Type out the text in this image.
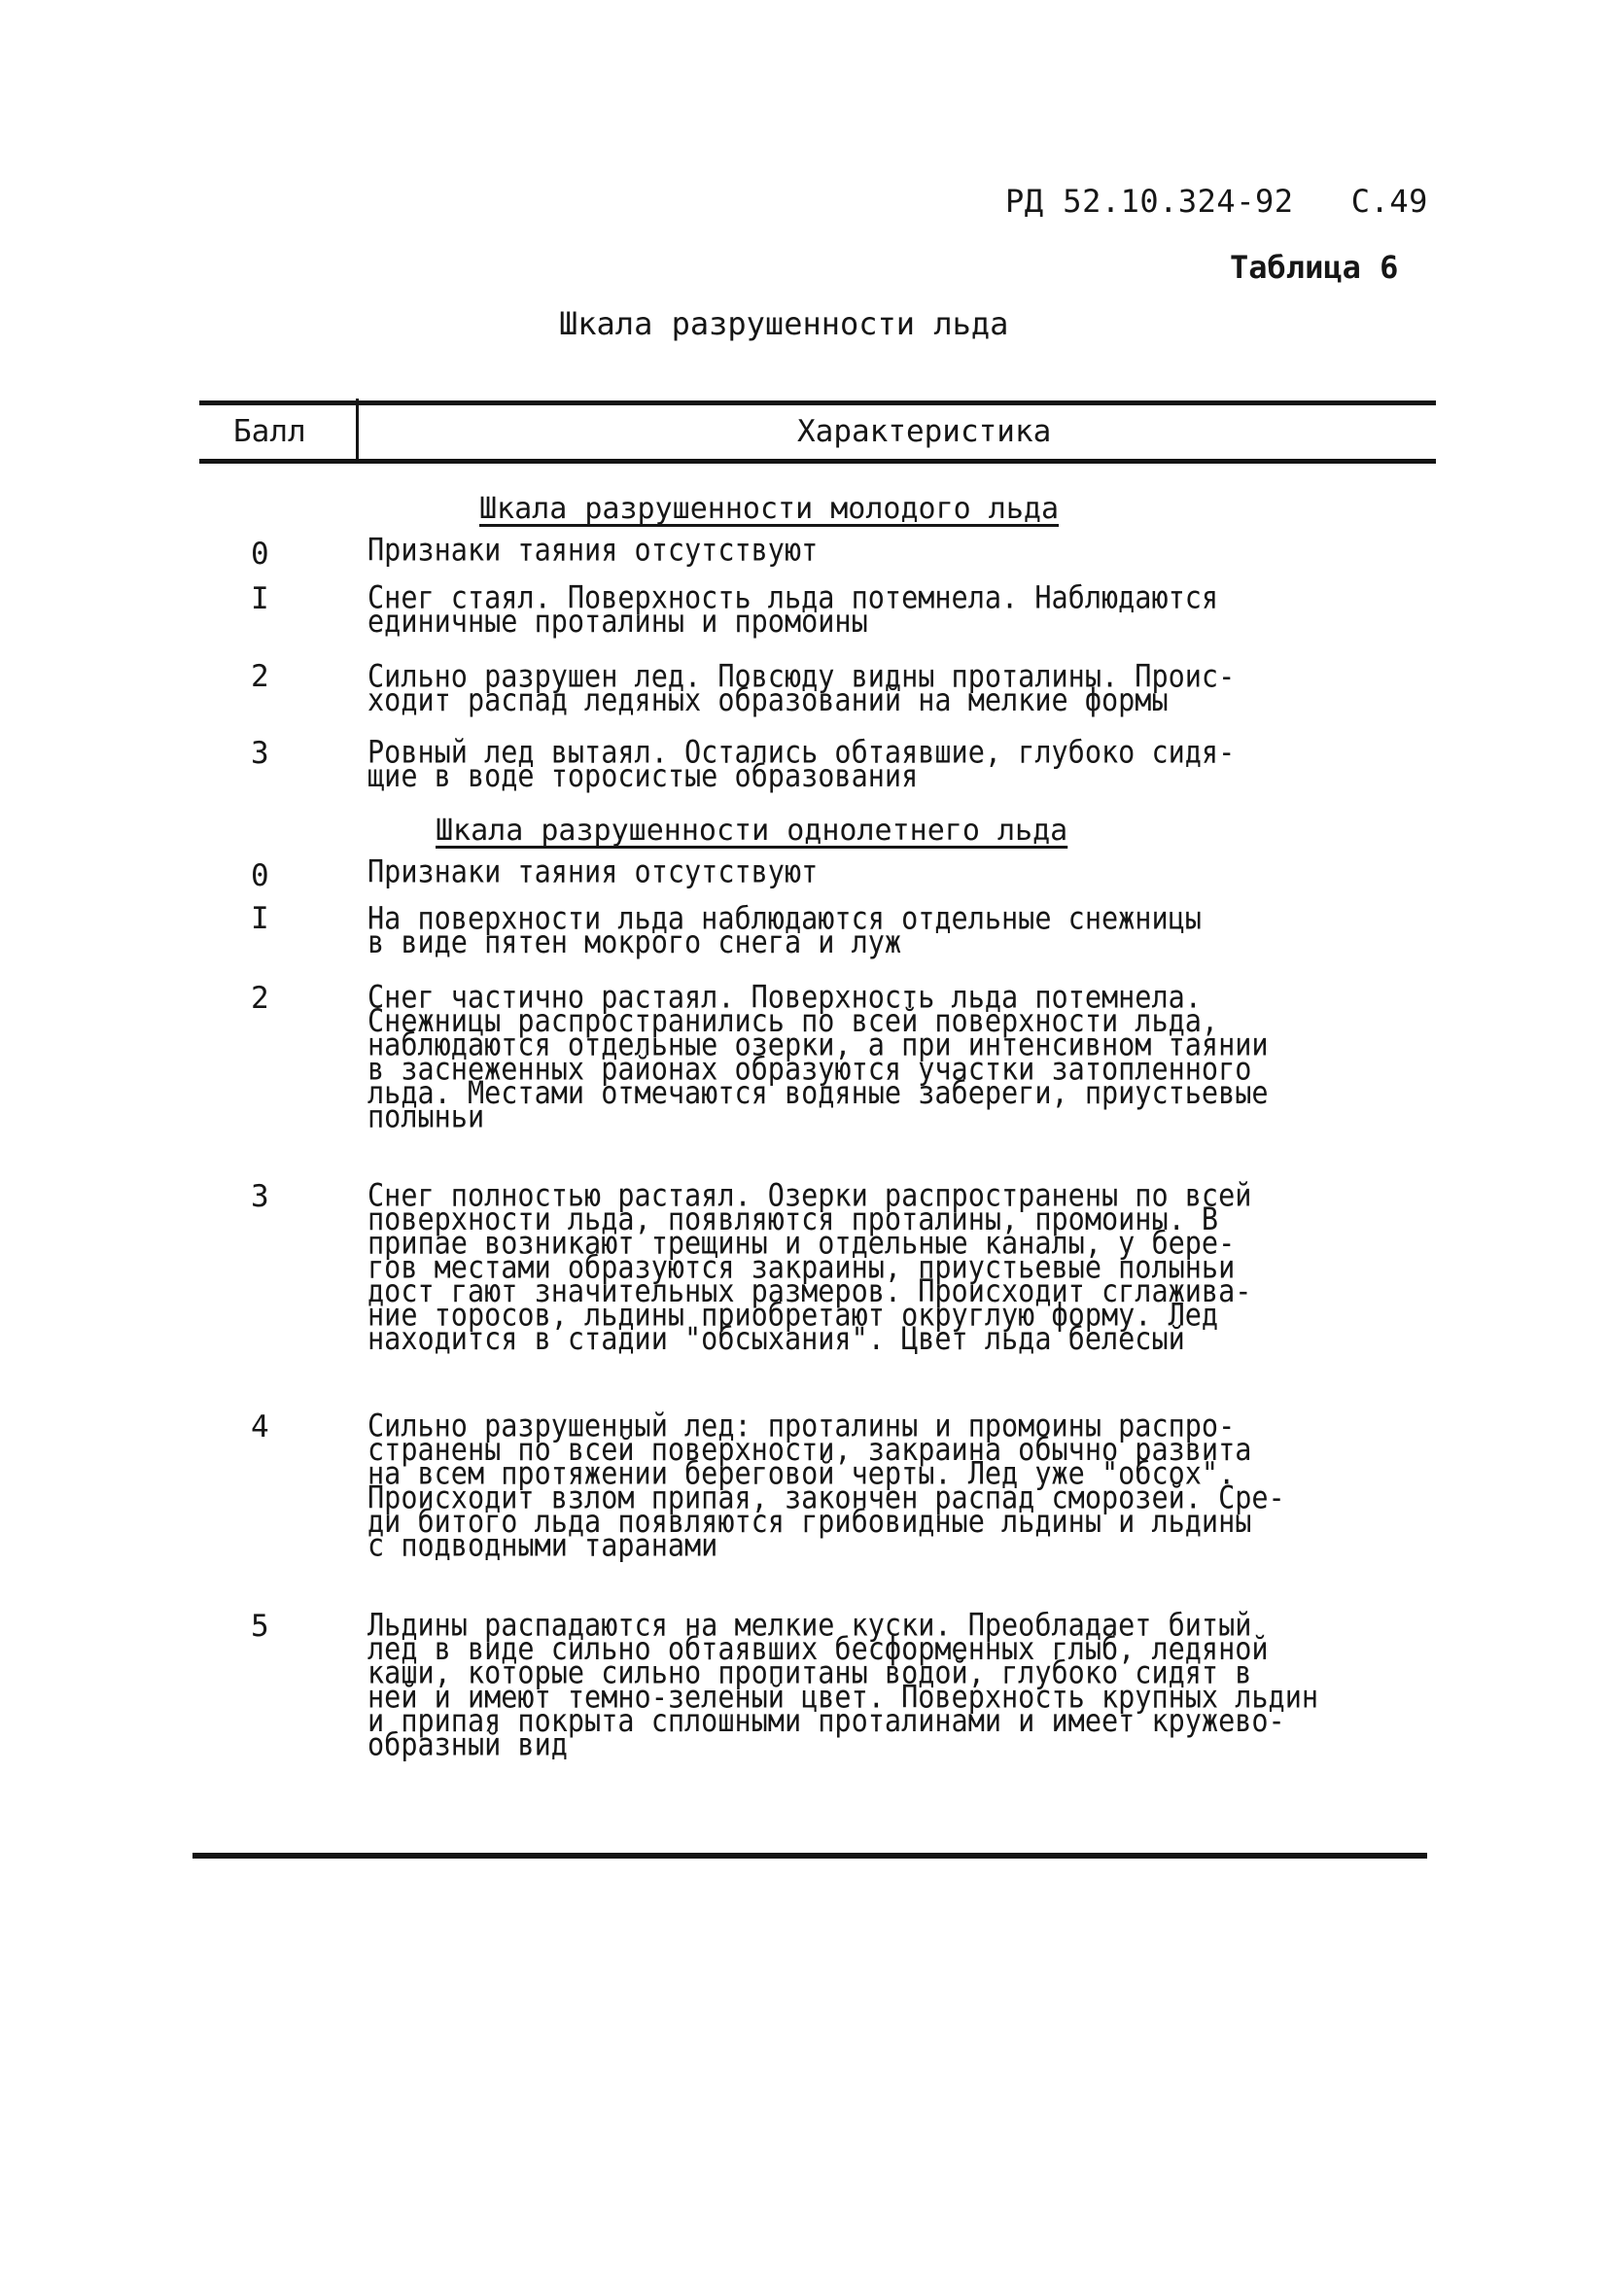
РД 52.10.324-92   С.49
Таблица 6
Шкала разрушенности льда
Балл	Характеристика
Шкала разрушенности молодого льда
0	Признаки таяния отсутствуют
I	Снег стаял. Поверхность льда потемнела. Наблюдаются
единичные проталины и промоины
2	Сильно разрушен лед. Повсюду видны проталины. Проис-
ходит распад ледяных образований на мелкие формы
3	Ровный лед вытаял. Остались обтаявшие, глубоко сидя-
щие в воде торосистые образования
Шкала разрушенности однолетнего льда
0	Признаки таяния отсутствуют
I	На поверхности льда наблюдаются отдельные снежницы
в виде пятен мокрого снега и луж
2	Снег частично растаял. Поверхность льда потемнела.
Снежницы распространились по всей поверхности льда,
наблюдаются отдельные озерки, а при интенсивном таянии
в заснеженных районах образуются участки затопленного
льда. Местами отмечаются водяные забереги, приустьевые
полыньи
3	Снег полностью растаял. Озерки распространены по всей
поверхности льда, появляются проталины, промоины. В
припае возникают трещины и отдельные каналы, у бере-
гов местами образуются закраины, приустьевые полыньи
дост гают значительных размеров. Происходит сглажива-
ние торосов, льдины приобретают округлую форму. Лед
находится в стадии "обсыхания". Цвет льда белесый
4	Сильно разрушенный лед: проталины и промоины распро-
странены по всей поверхности, закраина обычно развита
на всем протяжении береговой черты. Лед уже "обсох".
Происходит взлом припая, закончен распад сморозей. Сре-
ди битого льда появляются грибовидные льдины и льдины
с подводными таранами
5	Льдины распадаются на мелкие куски. Преобладает битый
лед в виде сильно обтаявших бесформенных глыб, ледяной
каши, которые сильно пропитаны водой, глубоко сидят в
ней и имеют темно-зеленый цвет. Поверхность крупных льдин
и припая покрыта сплошными проталинами и имеет кружево-
образный вид
